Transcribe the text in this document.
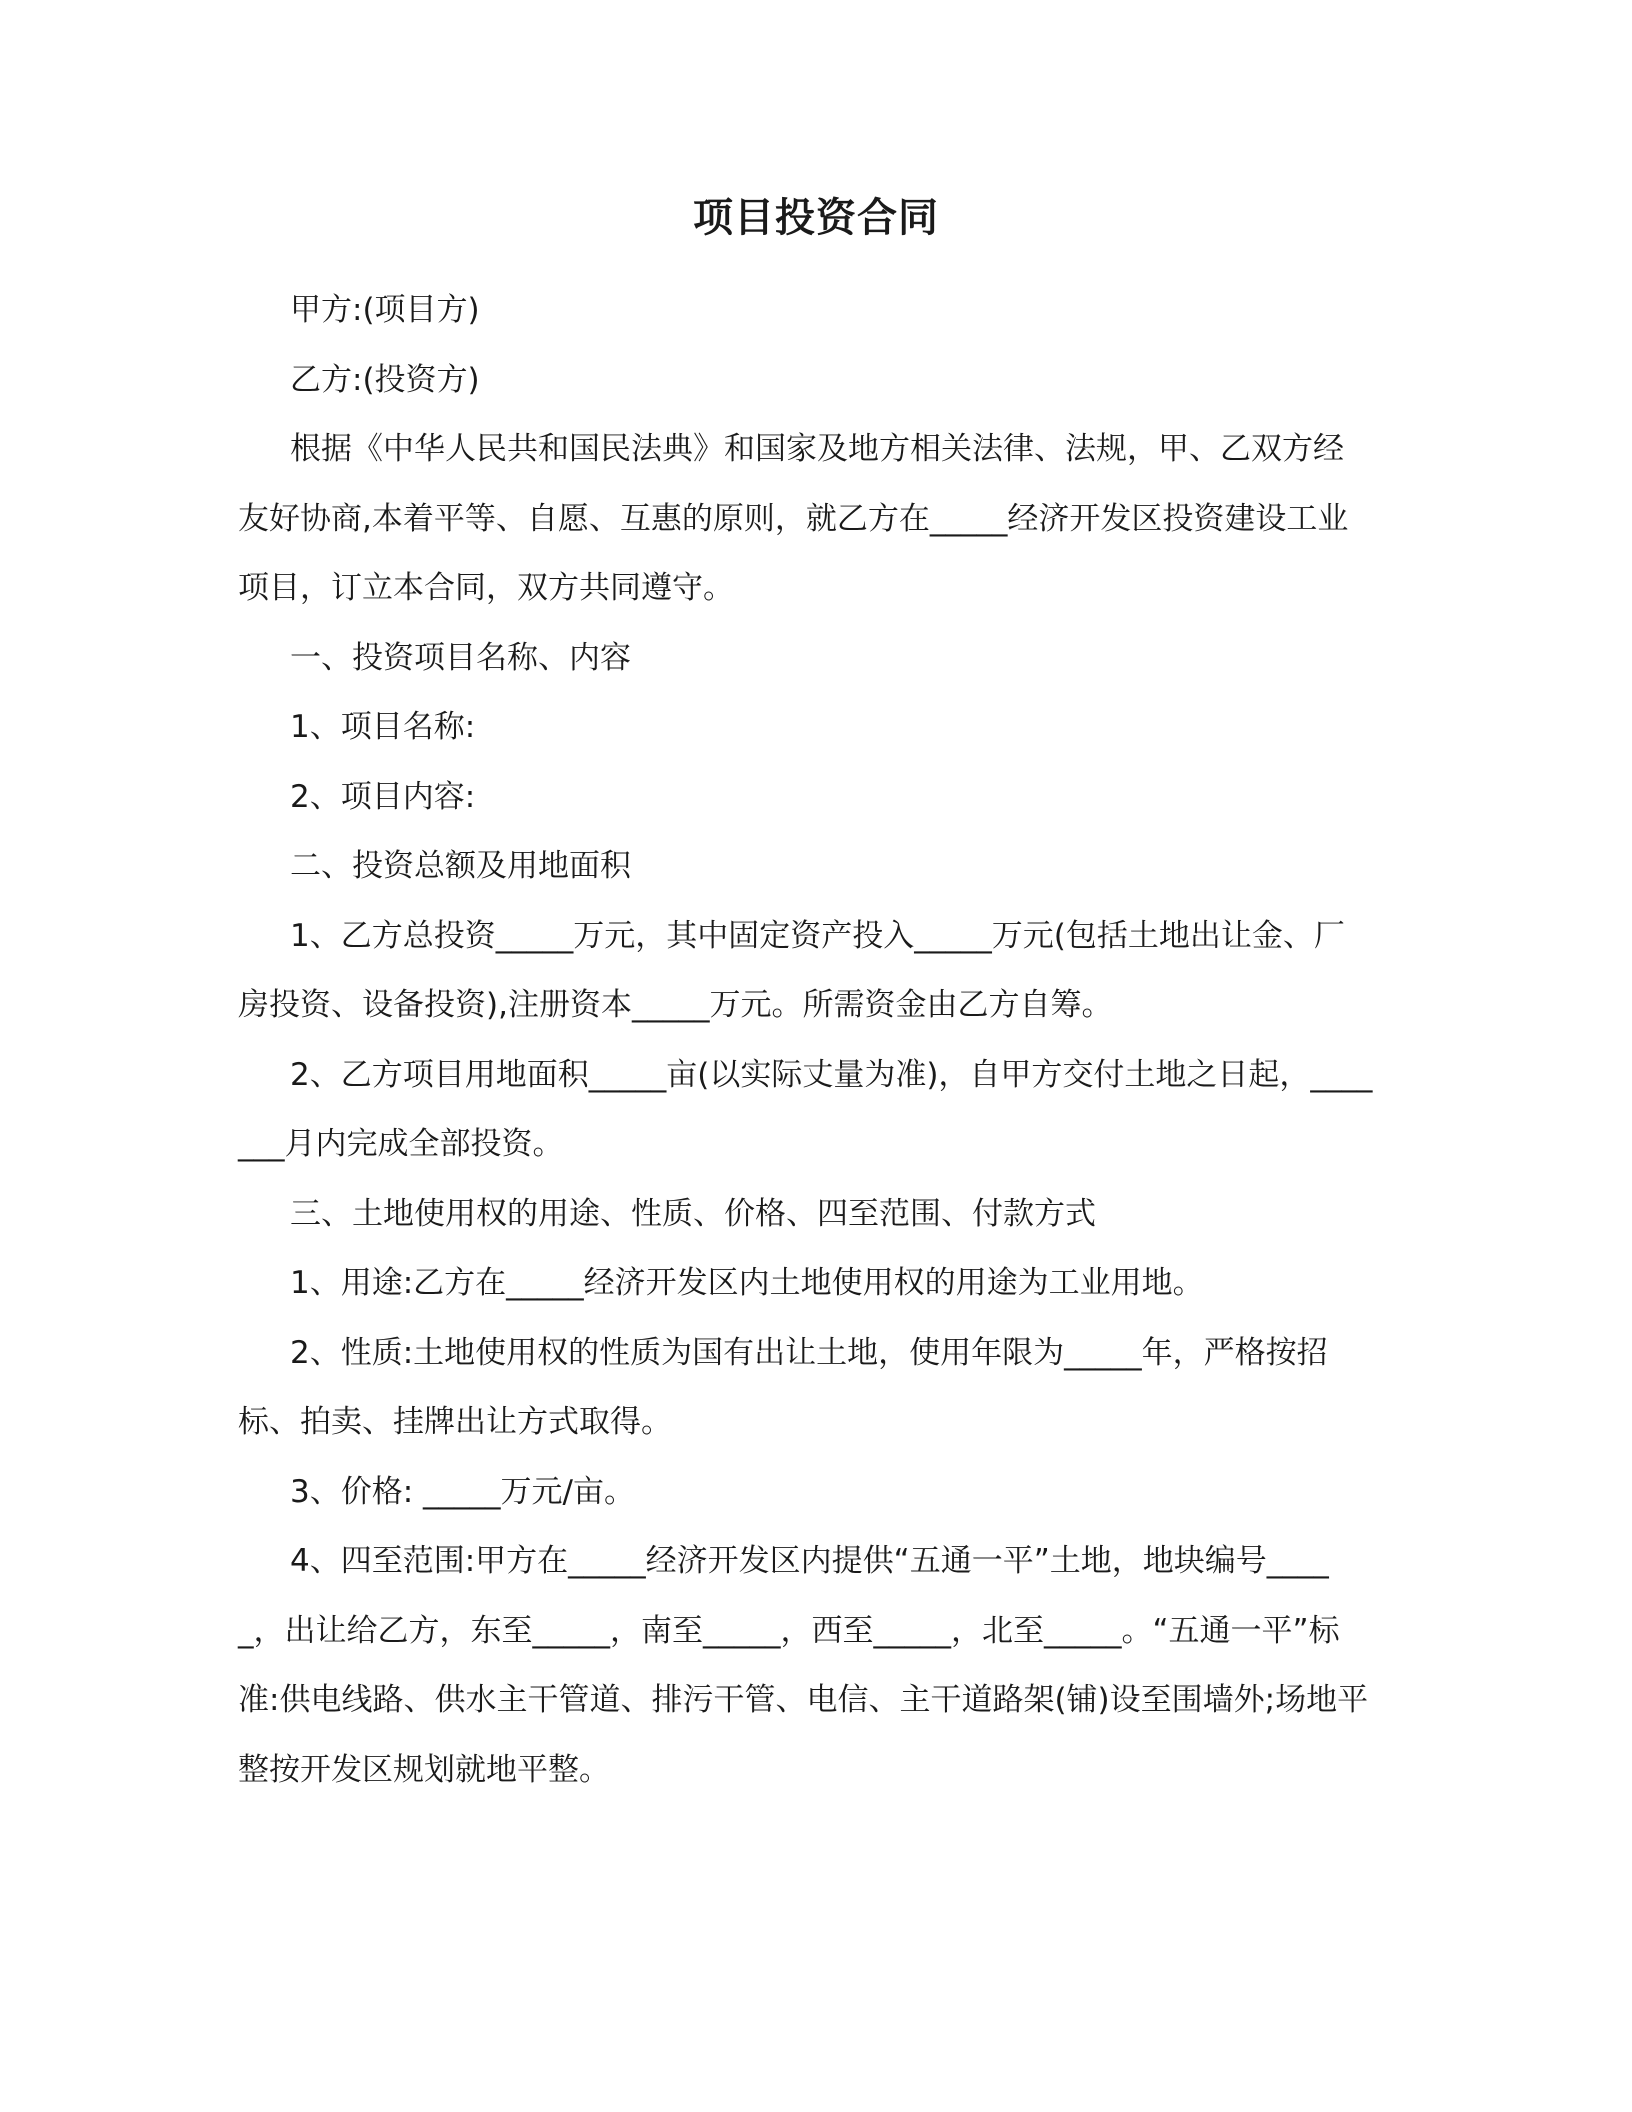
项目投资合同

甲方:(项目方)

乙方:(投资方)

根据《中华人民共和国民法典》和国家及地方相关法律、法规，甲、乙双方经友好协商,本着平等、自愿、互惠的原则，就乙方在_____经济开发区投资建设工业项目，订立本合同，双方共同遵守。

一、投资项目名称、内容

1、项目名称:

2、项目内容:

二、投资总额及用地面积

1、乙方总投资_____万元，其中固定资产投入_____万元(包括土地出让金、厂房投资、设备投资),注册资本_____万元。所需资金由乙方自筹。

2、乙方项目用地面积_____亩(以实际丈量为准)，自甲方交付土地之日起，_______月内完成全部投资。

三、土地使用权的用途、性质、价格、四至范围、付款方式

1、用途:乙方在_____经济开发区内土地使用权的用途为工业用地。

2、性质:土地使用权的性质为国有出让土地，使用年限为_____年，严格按招标、拍卖、挂牌出让方式取得。

3、价格: _____万元/亩。

4、四至范围:甲方在_____经济开发区内提供“五通一平”土地，地块编号_____，出让给乙方，东至_____，南至_____，西至_____，北至_____。“五通一平”标准:供电线路、供水主干管道、排污干管、电信、主干道路架(铺)设至围墙外;场地平整按开发区规划就地平整。
